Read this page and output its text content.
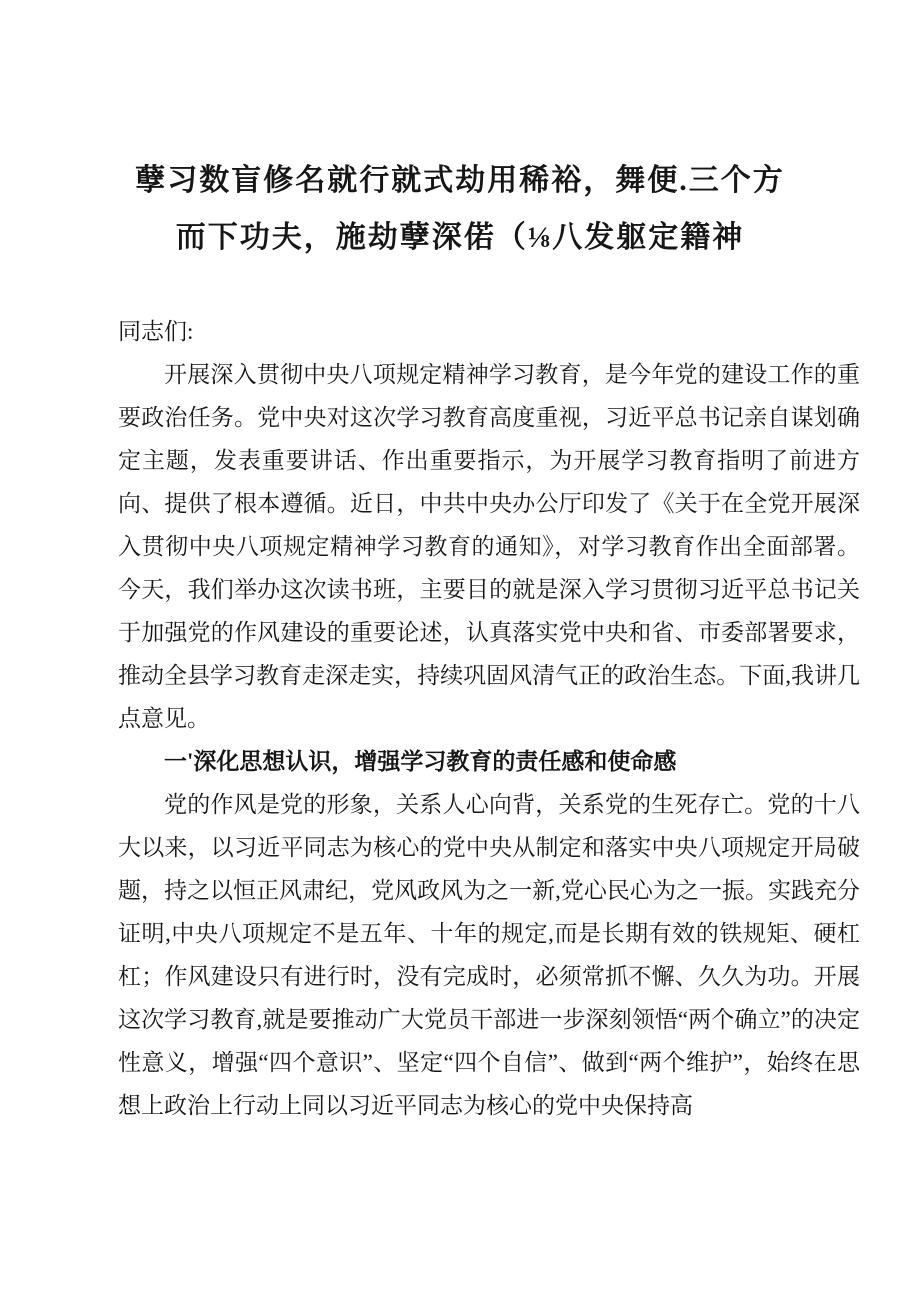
孽习数盲修名就行就式劫用稀裕，舞便.三个方
而下功夫，施劫孽深偌（⅛八发躯定籍神

同志们:

开展深入贯彻中央八项规定精神学习教育，是今年党的建设工作的重要政治任务。党中央对这次学习教育高度重视，习近平总书记亲自谋划确定主题，发表重要讲话、作出重要指示，为开展学习教育指明了前进方向、提供了根本遵循。近日，中共中央办公厅印发了《关于在全党开展深入贯彻中央八项规定精神学习教育的通知》，对学习教育作出全面部署。今天，我们举办这次读书班，主要目的就是深入学习贯彻习近平总书记关于加强党的作风建设的重要论述，认真落实党中央和省、市委部署要求，推动全县学习教育走深走实，持续巩固风清气正的政治生态。下面,我讲几点意见。

一'深化思想认识，增强学习教育的责任感和使命感

党的作风是党的形象，关系人心向背，关系党的生死存亡。党的十八大以来，以习近平同志为核心的党中央从制定和落实中央八项规定开局破题，持之以恒正风肃纪，党风政风为之一新,党心民心为之一振。实践充分证明,中央八项规定不是五年、十年的规定,而是长期有效的铁规矩、硬杠杠；作风建设只有进行时，没有完成时，必须常抓不懈、久久为功。开展这次学习教育,就是要推动广大党员干部进一步深刻领悟“两个确立”的决定性意义，增强“四个意识”、坚定“四个自信”、做到“两个维护”，始终在思想上政治上行动上同以习近平同志为核心的党中央保持高
